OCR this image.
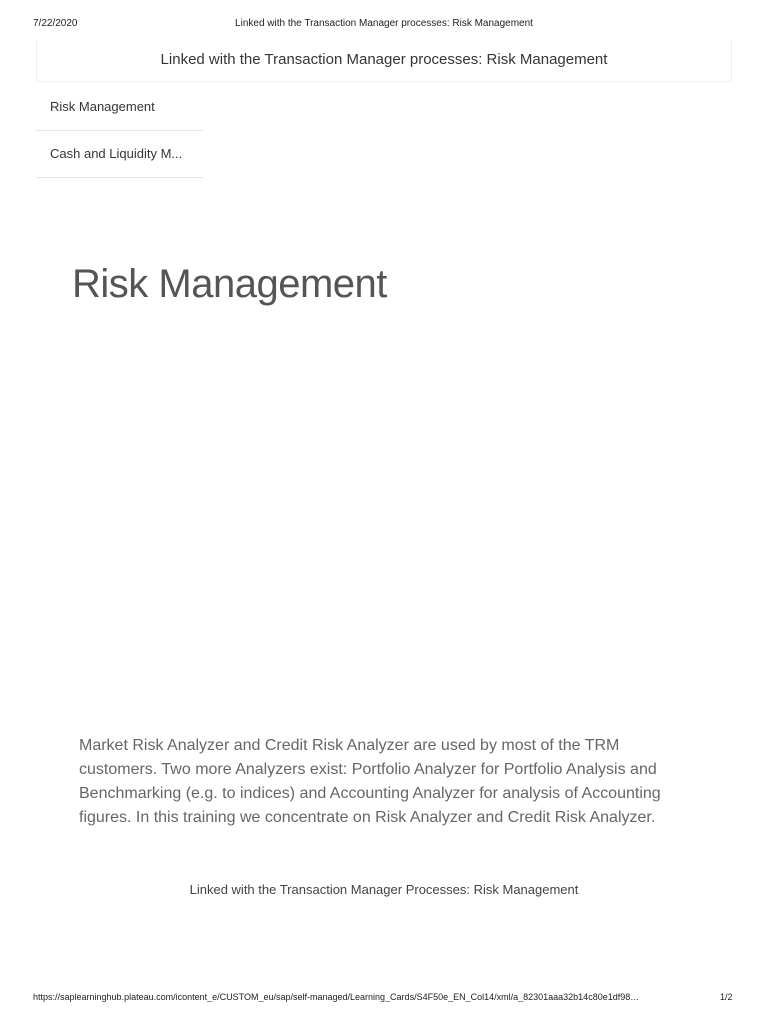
7/22/2020	Linked with the Transaction Manager processes: Risk Management
Linked with the Transaction Manager processes: Risk Management
Risk Management
Cash and Liquidity M...
Risk Management

Market Risk Analyzer and Credit Risk Analyzer are used by most of the TRM customers. Two more Analyzers exist: Portfolio Analyzer for Portfolio Analysis and Benchmarking (e.g. to indices) and Accounting Analyzer for analysis of Accounting figures. In this training we concentrate on Risk Analyzer and Credit Risk Analyzer.

Linked with the Transaction Manager Processes: Risk Management
https://saplearninghub.plateau.com/icontent_e/CUSTOM_eu/sap/self-managed/Learning_Cards/S4F50e_EN_Col14/xml/a_82301aaa32b14c80e1df98…	1/2
